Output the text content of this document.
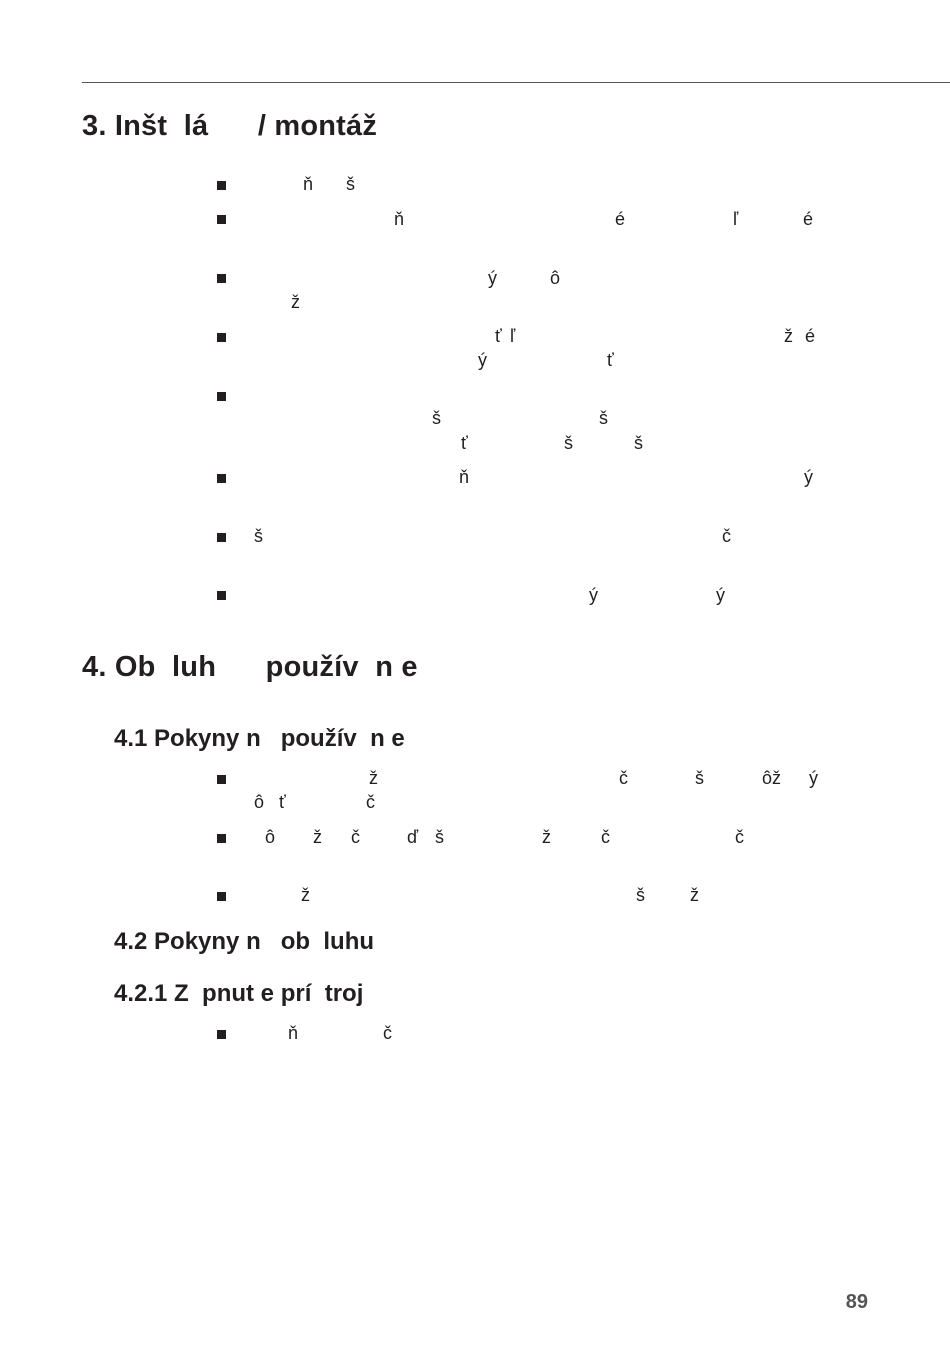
3. Inšt  lá      / montáž
ň š
ň	é	ľ	é
ý	ô
ž
ť ľ	ž é
ý	ť
š	š
ť	š	š
ň	ý
š	č
ý	ý
4. Ob  luh      použív  n e
4.1 Pokyny n   použív  n e
ž	č	š	ôž ý
ô ť	č
ô ž č	ď š	ž	č	č
ž	š	ž
4.2 Pokyny n   ob  luhu
4.2.1 Z  pnut e prí  troj
ň	č
89
